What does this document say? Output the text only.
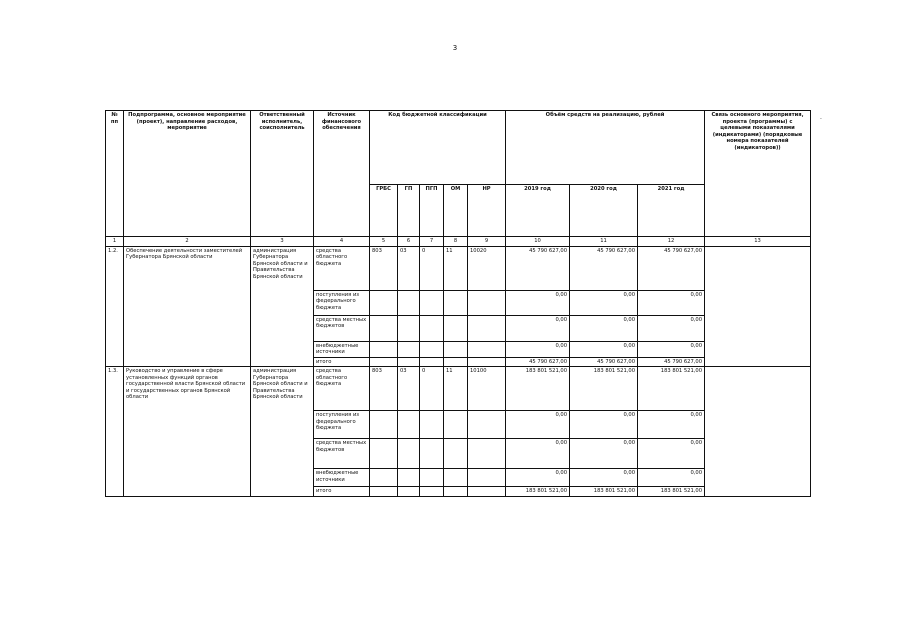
3
-
№ пп	Подпрограмма, основное мероприятие (проект), направление расходов, мероприятие	Ответственный исполнитель, соисполнитель	Источник финансового обеспечения	Код бюджетной классификации					Объём средств на реализацию, рублей			Связь основного мероприятия, проекта (программы) с целевыми показателями (индикаторами) (порядковые номера показателей (индикаторов))
				ГРБС	ГП	ПГП	ОМ	НР	2019 год	2020 год	2021 год	
1	2	3	4	5	6	7	8	9	10	11	12	13
1.2.	Обеспечение деятельности заместителей Губернатора Брянской области	администрация Губернатора Брянской области и Правительства Брянской области	средства областного бюджета	803	03	0	11	10020	45 790 627,00	45 790 627,00	45 790 627,00	
			поступления из федерального бюджета						0,00	0,00	0,00	
			средства местных бюджетов						0,00	0,00	0,00	
			внебюджетные источники						0,00	0,00	0,00	
			итого						45 790 627,00	45 790 627,00	45 790 627,00	
1.3.	Руководство и управление в сфере установленных функций органов государственной власти Брянской области и государственных органов Брянской области	администрация Губернатора Брянской области и Правительства Брянской области	средства областного бюджета	803	03	0	11	10100	183 801 521,00	183 801 521,00	183 801 521,00	
			поступления из федерального бюджета						0,00	0,00	0,00	
			средства местных бюджетов						0,00	0,00	0,00	
			внебюджетные источники						0,00	0,00	0,00	
			итого						183 801 521,00	183 801 521,00	183 801 521,00	
